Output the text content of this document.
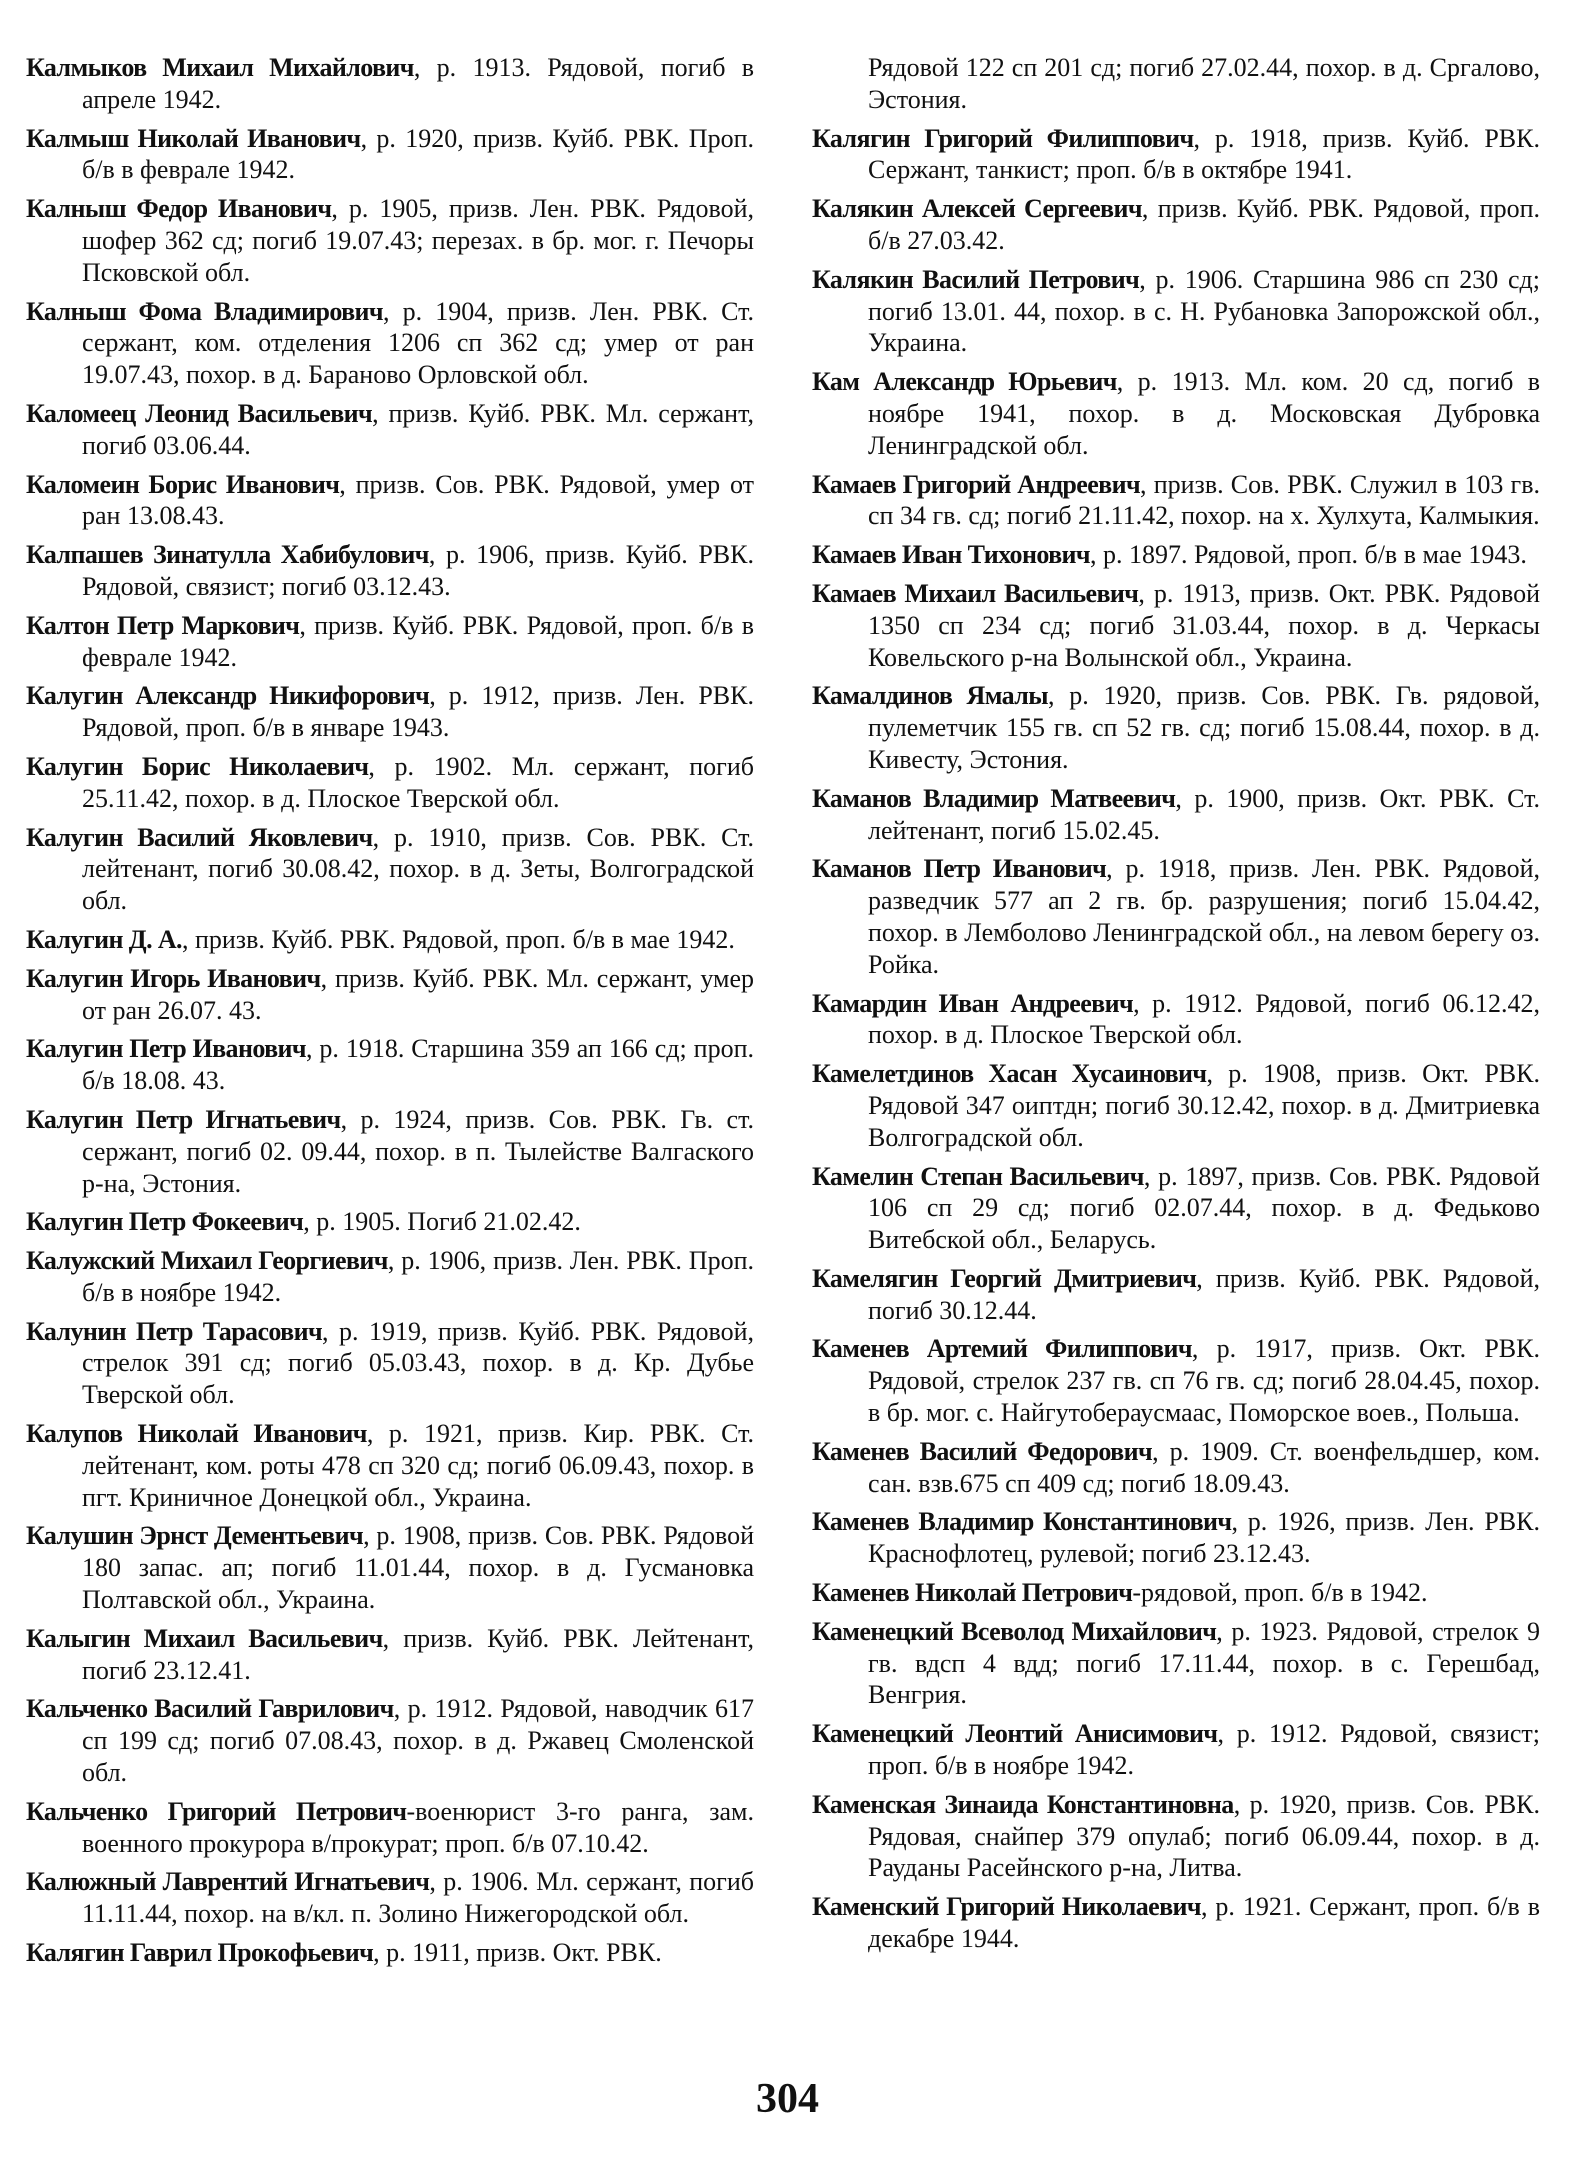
Калмыков Михаил Михайлович, р. 1913. Рядовой, погиб в апреле 1942.

Калмыш Николай Иванович, р. 1920, призв. Куйб. РВК. Проп. б/в в феврале 1942.

Калныш Федор Иванович, р. 1905, призв. Лен. РВК. Рядовой, шофер 362 сд; погиб 19.07.43; перезах. в бр. мог. г. Печоры Псковской обл.

Калныш Фома Владимирович, р. 1904, призв. Лен. РВК. Ст. сержант, ком. отделения 1206 сп 362 сд; умер от ран 19.07.43, похор. в д. Бараново Орловской обл.

Каломеец Леонид Васильевич, призв. Куйб. РВК. Мл. сержант, погиб 03.06.44.

Каломеин Борис Иванович, призв. Сов. РВК. Рядовой, умер от ран 13.08.43.

Калпашев Зинатулла Хабибулович, р. 1906, призв. Куйб. РВК. Рядовой, связист; погиб 03.12.43.

Калтон Петр Маркович, призв. Куйб. РВК. Рядовой, проп. б/в в феврале 1942.

Калугин Александр Никифорович, р. 1912, призв. Лен. РВК. Рядовой, проп. б/в в январе 1943.

Калугин Борис Николаевич, р. 1902. Мл. сержант, погиб 25.11.42, похор. в д. Плоское Тверской обл.

Калугин Василий Яковлевич, р. 1910, призв. Сов. РВК. Ст. лейтенант, погиб 30.08.42, похор. в д. Зеты, Волгоградской обл.

Калугин Д. А., призв. Куйб. РВК. Рядовой, проп. б/в в мае 1942.

Калугин Игорь Иванович, призв. Куйб. РВК. Мл. сержант, умер от ран 26.07. 43.

Калугин Петр Иванович, р. 1918. Старшина 359 ап 166 сд; проп. б/в 18.08. 43.

Калугин Петр Игнатьевич, р. 1924, призв. Сов. РВК. Гв. ст. сержант, погиб 02. 09.44, похор. в п. Тылействе Валгаского р-на, Эстония.

Калугин Петр Фокеевич, р. 1905. Погиб 21.02.42.

Калужский Михаил Георгиевич, р. 1906, призв. Лен. РВК. Проп. б/в в ноябре 1942.

Калунин Петр Тарасович, р. 1919, призв. Куйб. РВК. Рядовой, стрелок 391 сд; погиб 05.03.43, похор. в д. Кр. Дубье Тверской обл.

Калупов Николай Иванович, р. 1921, призв. Кир. РВК. Ст. лейтенант, ком. роты 478 сп 320 сд; погиб 06.09.43, похор. в пгт. Криничное Донецкой обл., Украина.

Калушин Эрнст Дементьевич, р. 1908, призв. Сов. РВК. Рядовой 180 запас. ап; погиб 11.01.44, похор. в д. Гусмановка Полтавской обл., Украина.

Калыгин Михаил Васильевич, призв. Куйб. РВК. Лейтенант, погиб 23.12.41.

Кальченко Василий Гаврилович, р. 1912. Рядовой, наводчик 617 сп 199 сд; погиб 07.08.43, похор. в д. Ржавец Смоленской обл.

Кальченко Григорий Петрович-военюрист 3-го ранга, зам. военного прокурора в/прокурат; проп. б/в 07.10.42.

Калюжный Лаврентий Игнатьевич, р. 1906. Мл. сержант, погиб 11.11.44, похор. на в/кл. п. Золино Нижегородской обл.

Калягин Гаврил Прокофьевич, р. 1911, призв. Окт. РВК.

Рядовой 122 сп 201 сд; погиб 27.02.44, похор. в д. Сргалово, Эстония.

Калягин Григорий Филиппович, р. 1918, призв. Куйб. РВК. Сержант, танкист; проп. б/в в октябре 1941.

Калякин Алексей Сергеевич, призв. Куйб. РВК. Рядовой, проп. б/в 27.03.42.

Калякин Василий Петрович, р. 1906. Старшина 986 сп 230 сд; погиб 13.01. 44, похор. в с. Н. Рубановка Запорожской обл., Украина.

Кам Александр Юрьевич, р. 1913. Мл. ком. 20 сд, погиб в ноябре 1941, похор. в д. Московская Дубровка Ленинградской обл.

Камаев Григорий Андреевич, призв. Сов. РВК. Служил в 103 гв. сп 34 гв. сд; погиб 21.11.42, похор. на х. Хулхута, Калмыкия.

Камаев Иван Тихонович, р. 1897. Рядовой, проп. б/в в мае 1943.

Камаев Михаил Васильевич, р. 1913, призв. Окт. РВК. Рядовой 1350 сп 234 сд; погиб 31.03.44, похор. в д. Черкасы Ковельского р-на Волынской обл., Украина.

Камалдинов Ямалы, р. 1920, призв. Сов. РВК. Гв. рядовой, пулеметчик 155 гв. сп 52 гв. сд; погиб 15.08.44, похор. в д. Кивесту, Эстония.

Каманов Владимир Матвеевич, р. 1900, призв. Окт. РВК. Ст. лейтенант, погиб 15.02.45.

Каманов Петр Иванович, р. 1918, призв. Лен. РВК. Рядовой, разведчик 577 ап 2 гв. бр. разрушения; погиб 15.04.42, похор. в Лемболово Ленинградской обл., на левом берегу оз. Ройка.

Камардин Иван Андреевич, р. 1912. Рядовой, погиб 06.12.42, похор. в д. Плоское Тверской обл.

Камелетдинов Хасан Хусаинович, р. 1908, призв. Окт. РВК. Рядовой 347 оиптдн; погиб 30.12.42, похор. в д. Дмитриевка Волгоградской обл.

Камелин Степан Васильевич, р. 1897, призв. Сов. РВК. Рядовой 106 сп 29 сд; погиб 02.07.44, похор. в д. Федьково Витебской обл., Беларусь.

Камелягин Георгий Дмитриевич, призв. Куйб. РВК. Рядовой, погиб 30.12.44.

Каменев Артемий Филиппович, р. 1917, призв. Окт. РВК. Рядовой, стрелок 237 гв. сп 76 гв. сд; погиб 28.04.45, похор. в бр. мог. с. Найгутобераусмаас, Поморское воев., Польша.

Каменев Василий Федорович, р. 1909. Ст. военфельдшер, ком. сан. взв.675 сп 409 сд; погиб 18.09.43.

Каменев Владимир Константинович, р. 1926, призв. Лен. РВК. Краснофлотец, рулевой; погиб 23.12.43.

Каменев Николай Петрович-рядовой, проп. б/в в 1942.

Каменецкий Всеволод Михайлович, р. 1923. Рядовой, стрелок 9 гв. вдсп 4 вдд; погиб 17.11.44, похор. в с. Герешбад, Венгрия.

Каменецкий Леонтий Анисимович, р. 1912. Рядовой, связист; проп. б/в в ноябре 1942.

Каменская Зинаида Константиновна, р. 1920, призв. Сов. РВК. Рядовая, снайпер 379 опулаб; погиб 06.09.44, похор. в д. Рауданы Расейнского р-на, Литва.

Каменский Григорий Николаевич, р. 1921. Сержант, проп. б/в в декабре 1944.

304
